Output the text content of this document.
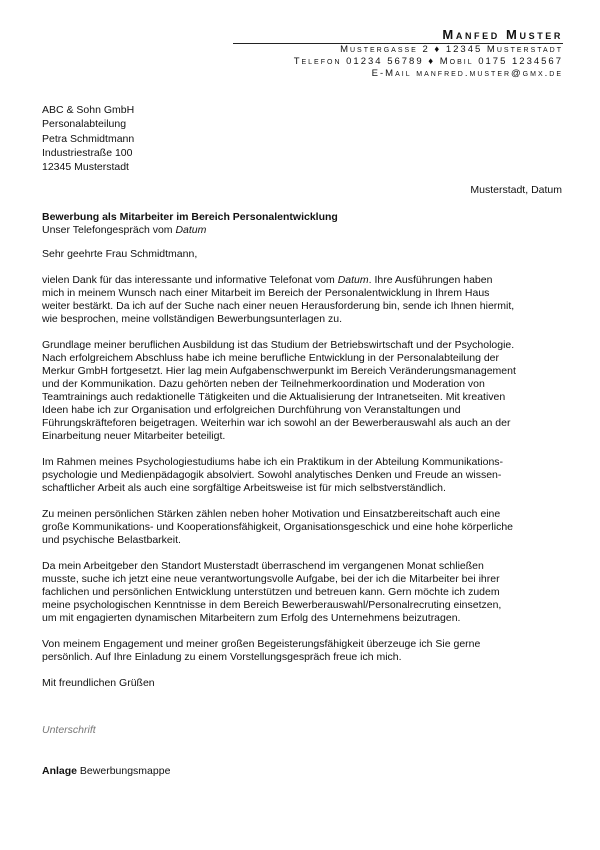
Manfed Muster
Mustergasse 2 ♦ 12345 Musterstadt
Telefon 01234 56789 ♦ Mobil 0175 1234567
E-Mail manfred.muster@gmx.de
ABC & Sohn GmbH
Personalabteilung
Petra Schmidtmann
Industriestraße 100
12345 Musterstadt
Musterstadt, Datum
Bewerbung als Mitarbeiter im Bereich Personalentwicklung
Unser Telefongespräch vom Datum

Sehr geehrte Frau Schmidtmann,

vielen Dank für das interessante und informative Telefonat vom Datum. Ihre Ausführungen haben
mich in meinem Wunsch nach einer Mitarbeit im Bereich der Personalentwicklung in Ihrem Haus
weiter bestärkt. Da ich auf der Suche nach einer neuen Herausforderung bin, sende ich Ihnen hiermit,
wie besprochen, meine vollständigen Bewerbungsunterlagen zu.

Grundlage meiner beruflichen Ausbildung ist das Studium der Betriebswirtschaft und der Psychologie.
Nach erfolgreichem Abschluss habe ich meine berufliche Entwicklung in der Personalabteilung der
Merkur GmbH fortgesetzt. Hier lag mein Aufgabenschwerpunkt im Bereich Veränderungsmanagement
und der Kommunikation. Dazu gehörten neben der Teilnehmerkoordination und Moderation von
Teamtrainings auch redaktionelle Tätigkeiten und die Aktualisierung der Intranetseiten. Mit kreativen
Ideen habe ich zur Organisation und erfolgreichen Durchführung von Veranstaltungen und
Führungskräfteforen beigetragen. Weiterhin war ich sowohl an der Bewerberauswahl als auch an der
Einarbeitung neuer Mitarbeiter beteiligt.

Im Rahmen meines Psychologiestudiums habe ich ein Praktikum in der Abteilung Kommunikations-
psychologie und Medienpädagogik absolviert. Sowohl analytisches Denken und Freude an wissen-
schaftlicher Arbeit als auch eine sorgfältige Arbeitsweise ist für mich selbstverständlich.

Zu meinen persönlichen Stärken zählen neben hoher Motivation und Einsatzbereitschaft auch eine
große Kommunikations- und Kooperationsfähigkeit, Organisationsgeschick und eine hohe körperliche
und psychische Belastbarkeit.

Da mein Arbeitgeber den Standort Musterstadt überraschend im vergangenen Monat schließen
musste, suche ich jetzt eine neue verantwortungsvolle Aufgabe, bei der ich die Mitarbeiter bei ihrer
fachlichen und persönlichen Entwicklung unterstützen und betreuen kann. Gern möchte ich zudem
meine psychologischen Kenntnisse in dem Bereich Bewerberauswahl/Personalrecruting einsetzen,
um mit engagierten dynamischen Mitarbeitern zum Erfolg des Unternehmens beizutragen.

Von meinem Engagement und meiner großen Begeisterungsfähigkeit überzeuge ich Sie gerne
persönlich. Auf Ihre Einladung zu einem Vorstellungsgespräch freue ich mich.

Mit freundlichen Grüßen

Unterschrift
Anlage Bewerbungsmappe
